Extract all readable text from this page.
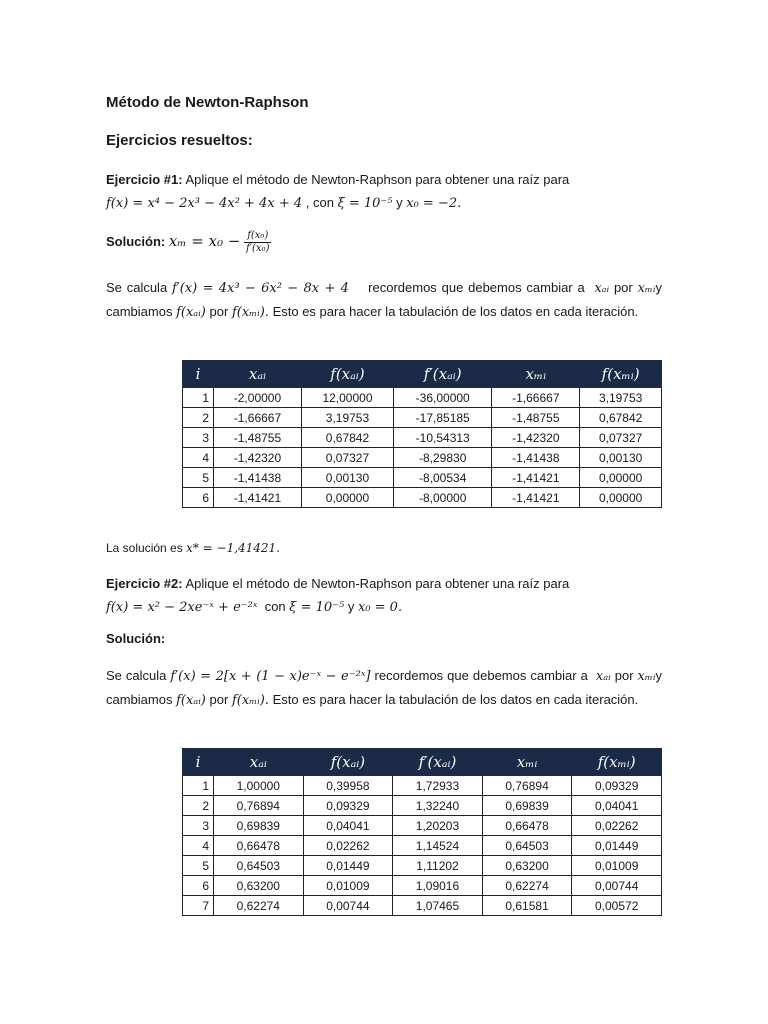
Método de Newton-Raphson
Ejercicios resueltos:
Ejercicio #1: Aplique el método de Newton-Raphson para obtener una raíz para
f(x) = x⁴ − 2x³ − 4x² + 4x + 4 , con ξ = 10⁻⁵ y x₀ = −2.
Solución: $x_m = x_0 - \frac{\text{f(x₀)}}{\text{f′(x₀)}}$
Se calcula f′(x) = 4x³ − 6x² − 8x + 4 recordemos que debemos cambiar a xₐᵢ por xₘᵢy cambiamos f(xₐᵢ) por f(xₘᵢ). Esto es para hacer la tabulación de los datos en cada iteración.
i	xₐᵢ	f(xₐᵢ)	f′(xₐᵢ)	xₘᵢ	f(xₘᵢ)
1	-2,00000	12,00000	-36,00000	-1,66667	3,19753
2	-1,66667	3,19753	-17,85185	-1,48755	0,67842
3	-1,48755	0,67842	-10,54313	-1,42320	0,07327
4	-1,42320	0,07327	-8,29830	-1,41438	0,00130
5	-1,41438	0,00130	-8,00534	-1,41421	0,00000
6	-1,41421	0,00000	-8,00000	-1,41421	0,00000
La solución es x* = −1,41421.
Ejercicio #2: Aplique el método de Newton-Raphson para obtener una raíz para
f(x) = x² − 2xe⁻ˣ + e⁻²ˣ con ξ = 10⁻⁵ y x₀ = 0.
Solución:
Se calcula f′(x) = 2[x + (1 − x)e⁻ˣ − e⁻²ˣ] recordemos que debemos cambiar a xₐᵢ por xₘᵢy cambiamos f(xₐᵢ) por f(xₘᵢ). Esto es para hacer la tabulación de los datos en cada iteración.
i	xₐᵢ	f(xₐᵢ)	f′(xₐᵢ)	xₘᵢ	f(xₘᵢ)
1	1,00000	0,39958	1,72933	0,76894	0,09329
2	0,76894	0,09329	1,32240	0,69839	0,04041
3	0,69839	0,04041	1,20203	0,66478	0,02262
4	0,66478	0,02262	1,14524	0,64503	0,01449
5	0,64503	0,01449	1,11202	0,63200	0,01009
6	0,63200	0,01009	1,09016	0,62274	0,00744
7	0,62274	0,00744	1,07465	0,61581	0,00572
